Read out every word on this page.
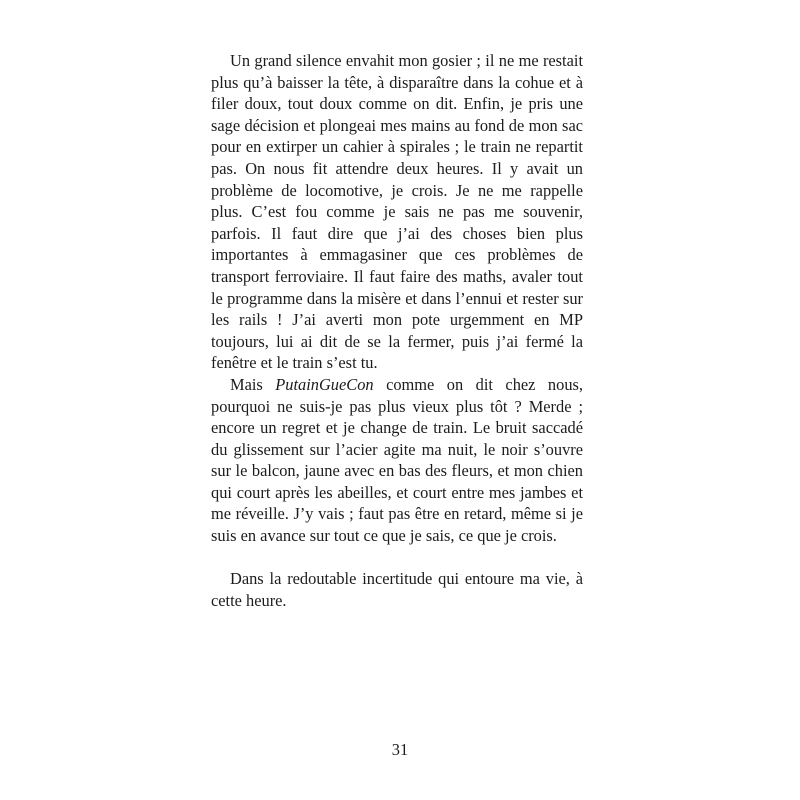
Un grand silence envahit mon gosier ; il ne me restait plus qu’à baisser la tête, à disparaître dans la cohue et à filer doux, tout doux comme on dit. Enfin, je pris une sage décision et plongeai mes mains au fond de mon sac pour en extirper un cahier à spirales ; le train ne repartit pas. On nous fit attendre deux heures. Il y avait un problème de locomotive, je crois. Je ne me rappelle plus. C’est fou comme je sais ne pas me souvenir, parfois. Il faut dire que j’ai des choses bien plus importantes à emmagasiner que ces problèmes de transport ferroviaire. Il faut faire des maths, avaler tout le programme dans la misère et dans l’ennui et rester sur les rails ! J’ai averti mon pote urgemment en MP toujours, lui ai dit de se la fermer, puis j’ai fermé la fenêtre et le train s’est tu.

Mais PutainGueCon comme on dit chez nous, pourquoi ne suis-je pas plus vieux plus tôt ? Merde ; encore un regret et je change de train. Le bruit saccadé du glissement sur l’acier agite ma nuit, le noir s’ouvre sur le balcon, jaune avec en bas des fleurs, et mon chien qui court après les abeilles, et court entre mes jambes et me réveille. J’y vais ; faut pas être en retard, même si je suis en avance sur tout ce que je sais, ce que je crois.

Dans la redoutable incertitude qui entoure ma vie, à cette heure.

31
